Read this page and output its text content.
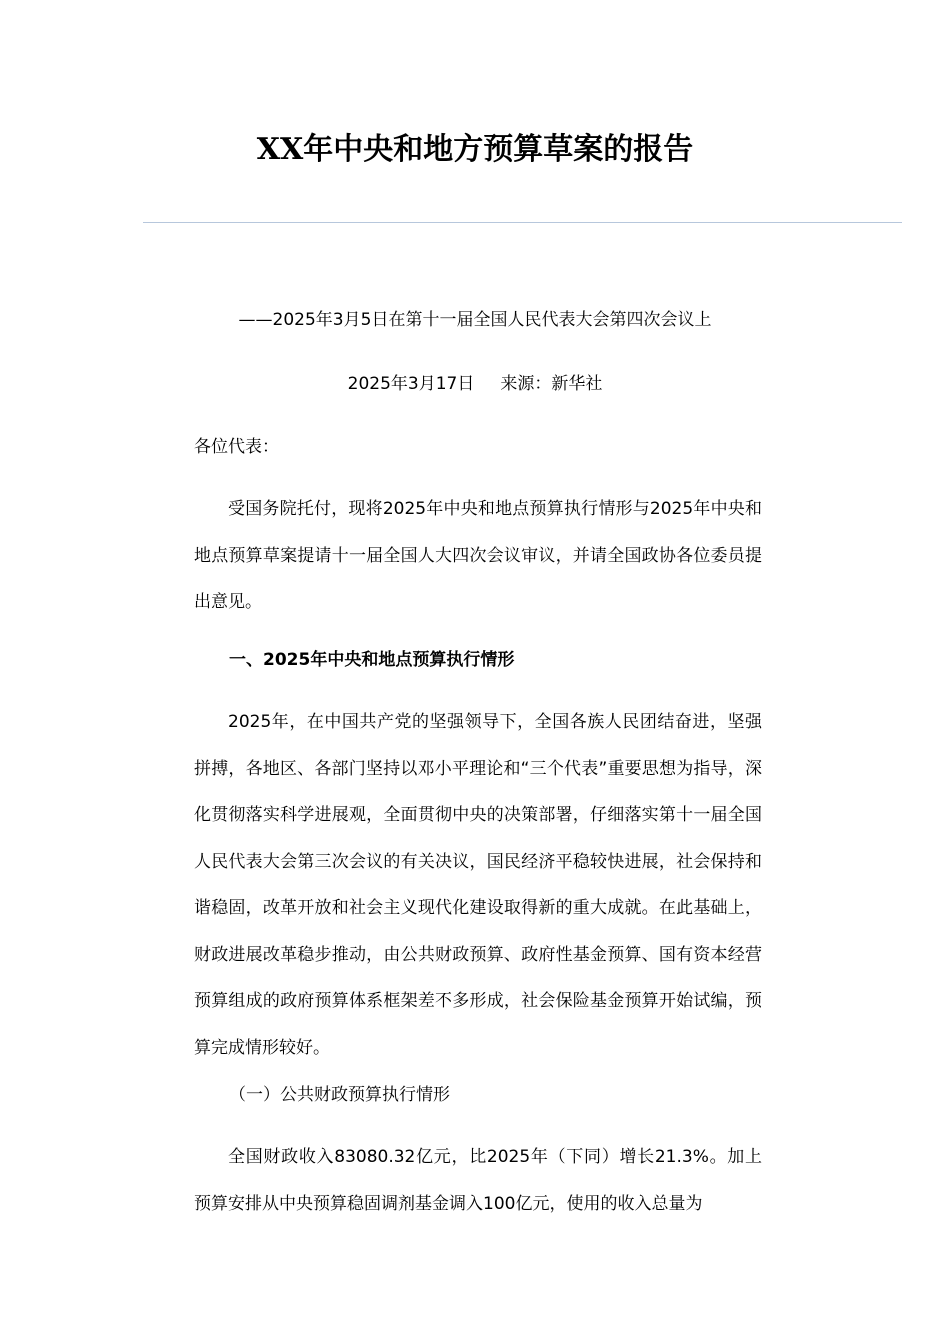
XX年中央和地方预算草案的报告

——2025年3月5日在第十一届全国人民代表大会第四次会议上

2025年3月17日 来源：新华社

各位代表：

受国务院托付，现将2025年中央和地点预算执行情形与2025年中央和地点预算草案提请十一届全国人大四次会议审议，并请全国政协各位委员提出意见。

一、2025年中央和地点预算执行情形

2025年，在中国共产党的坚强领导下，全国各族人民团结奋进，坚强拼搏，各地区、各部门坚持以邓小平理论和“三个代表”重要思想为指导，深化贯彻落实科学进展观，全面贯彻中央的决策部署，仔细落实第十一届全国人民代表大会第三次会议的有关决议，国民经济平稳较快进展，社会保持和谐稳固，改革开放和社会主义现代化建设取得新的重大成就。在此基础上，财政进展改革稳步推动，由公共财政预算、政府性基金预算、国有资本经营预算组成的政府预算体系框架差不多形成，社会保险基金预算开始试编，预算完成情形较好。

（一）公共财政预算执行情形

全国财政收入83080.32亿元，比2025年（下同）增长21.3%。加上预算安排从中央预算稳固调剂基金调入100亿元，使用的收入总量为
